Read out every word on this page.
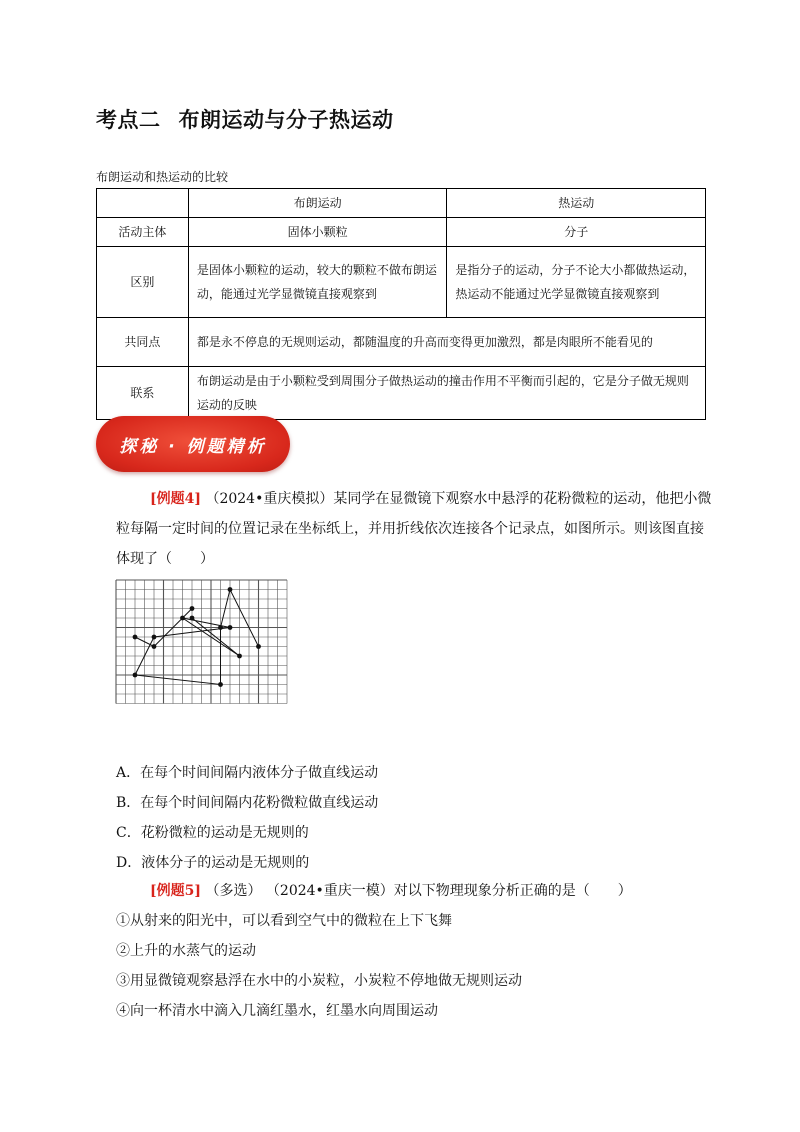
考点二 布朗运动与分子热运动
布朗运动和热运动的比较
	布朗运动	热运动
活动主体	固体小颗粒	分子
区别	是固体小颗粒的运动，较大的颗粒不做布朗运动，能通过光学显微镜直接观察到	是指分子的运动，分子不论大小都做热运动，热运动不能通过光学显微镜直接观察到
共同点	都是永不停息的无规则运动，都随温度的升高而变得更加激烈，都是肉眼所不能看见的	
联系	布朗运动是由于小颗粒受到周围分子做热运动的撞击作用不平衡而引起的，它是分子做无规则运动的反映	
探秘 · 例题精析
[例题4] （2024•重庆模拟）某同学在显微镜下观察水中悬浮的花粉微粒的运动，他把小微粒每隔一定时间的位置记录在坐标纸上，并用折线依次连接各个记录点，如图所示。则该图直接体现了（　　）
A．在每个时间间隔内液体分子做直线运动
B．在每个时间间隔内花粉微粒做直线运动
C．花粉微粒的运动是无规则的
D．液体分子的运动是无规则的
[例题5] （多选） （2024•重庆一模）对以下物理现象分析正确的是（　　）
①从射来的阳光中，可以看到空气中的微粒在上下飞舞
②上升的水蒸气的运动
③用显微镜观察悬浮在水中的小炭粒，小炭粒不停地做无规则运动
④向一杯清水中滴入几滴红墨水，红墨水向周围运动
